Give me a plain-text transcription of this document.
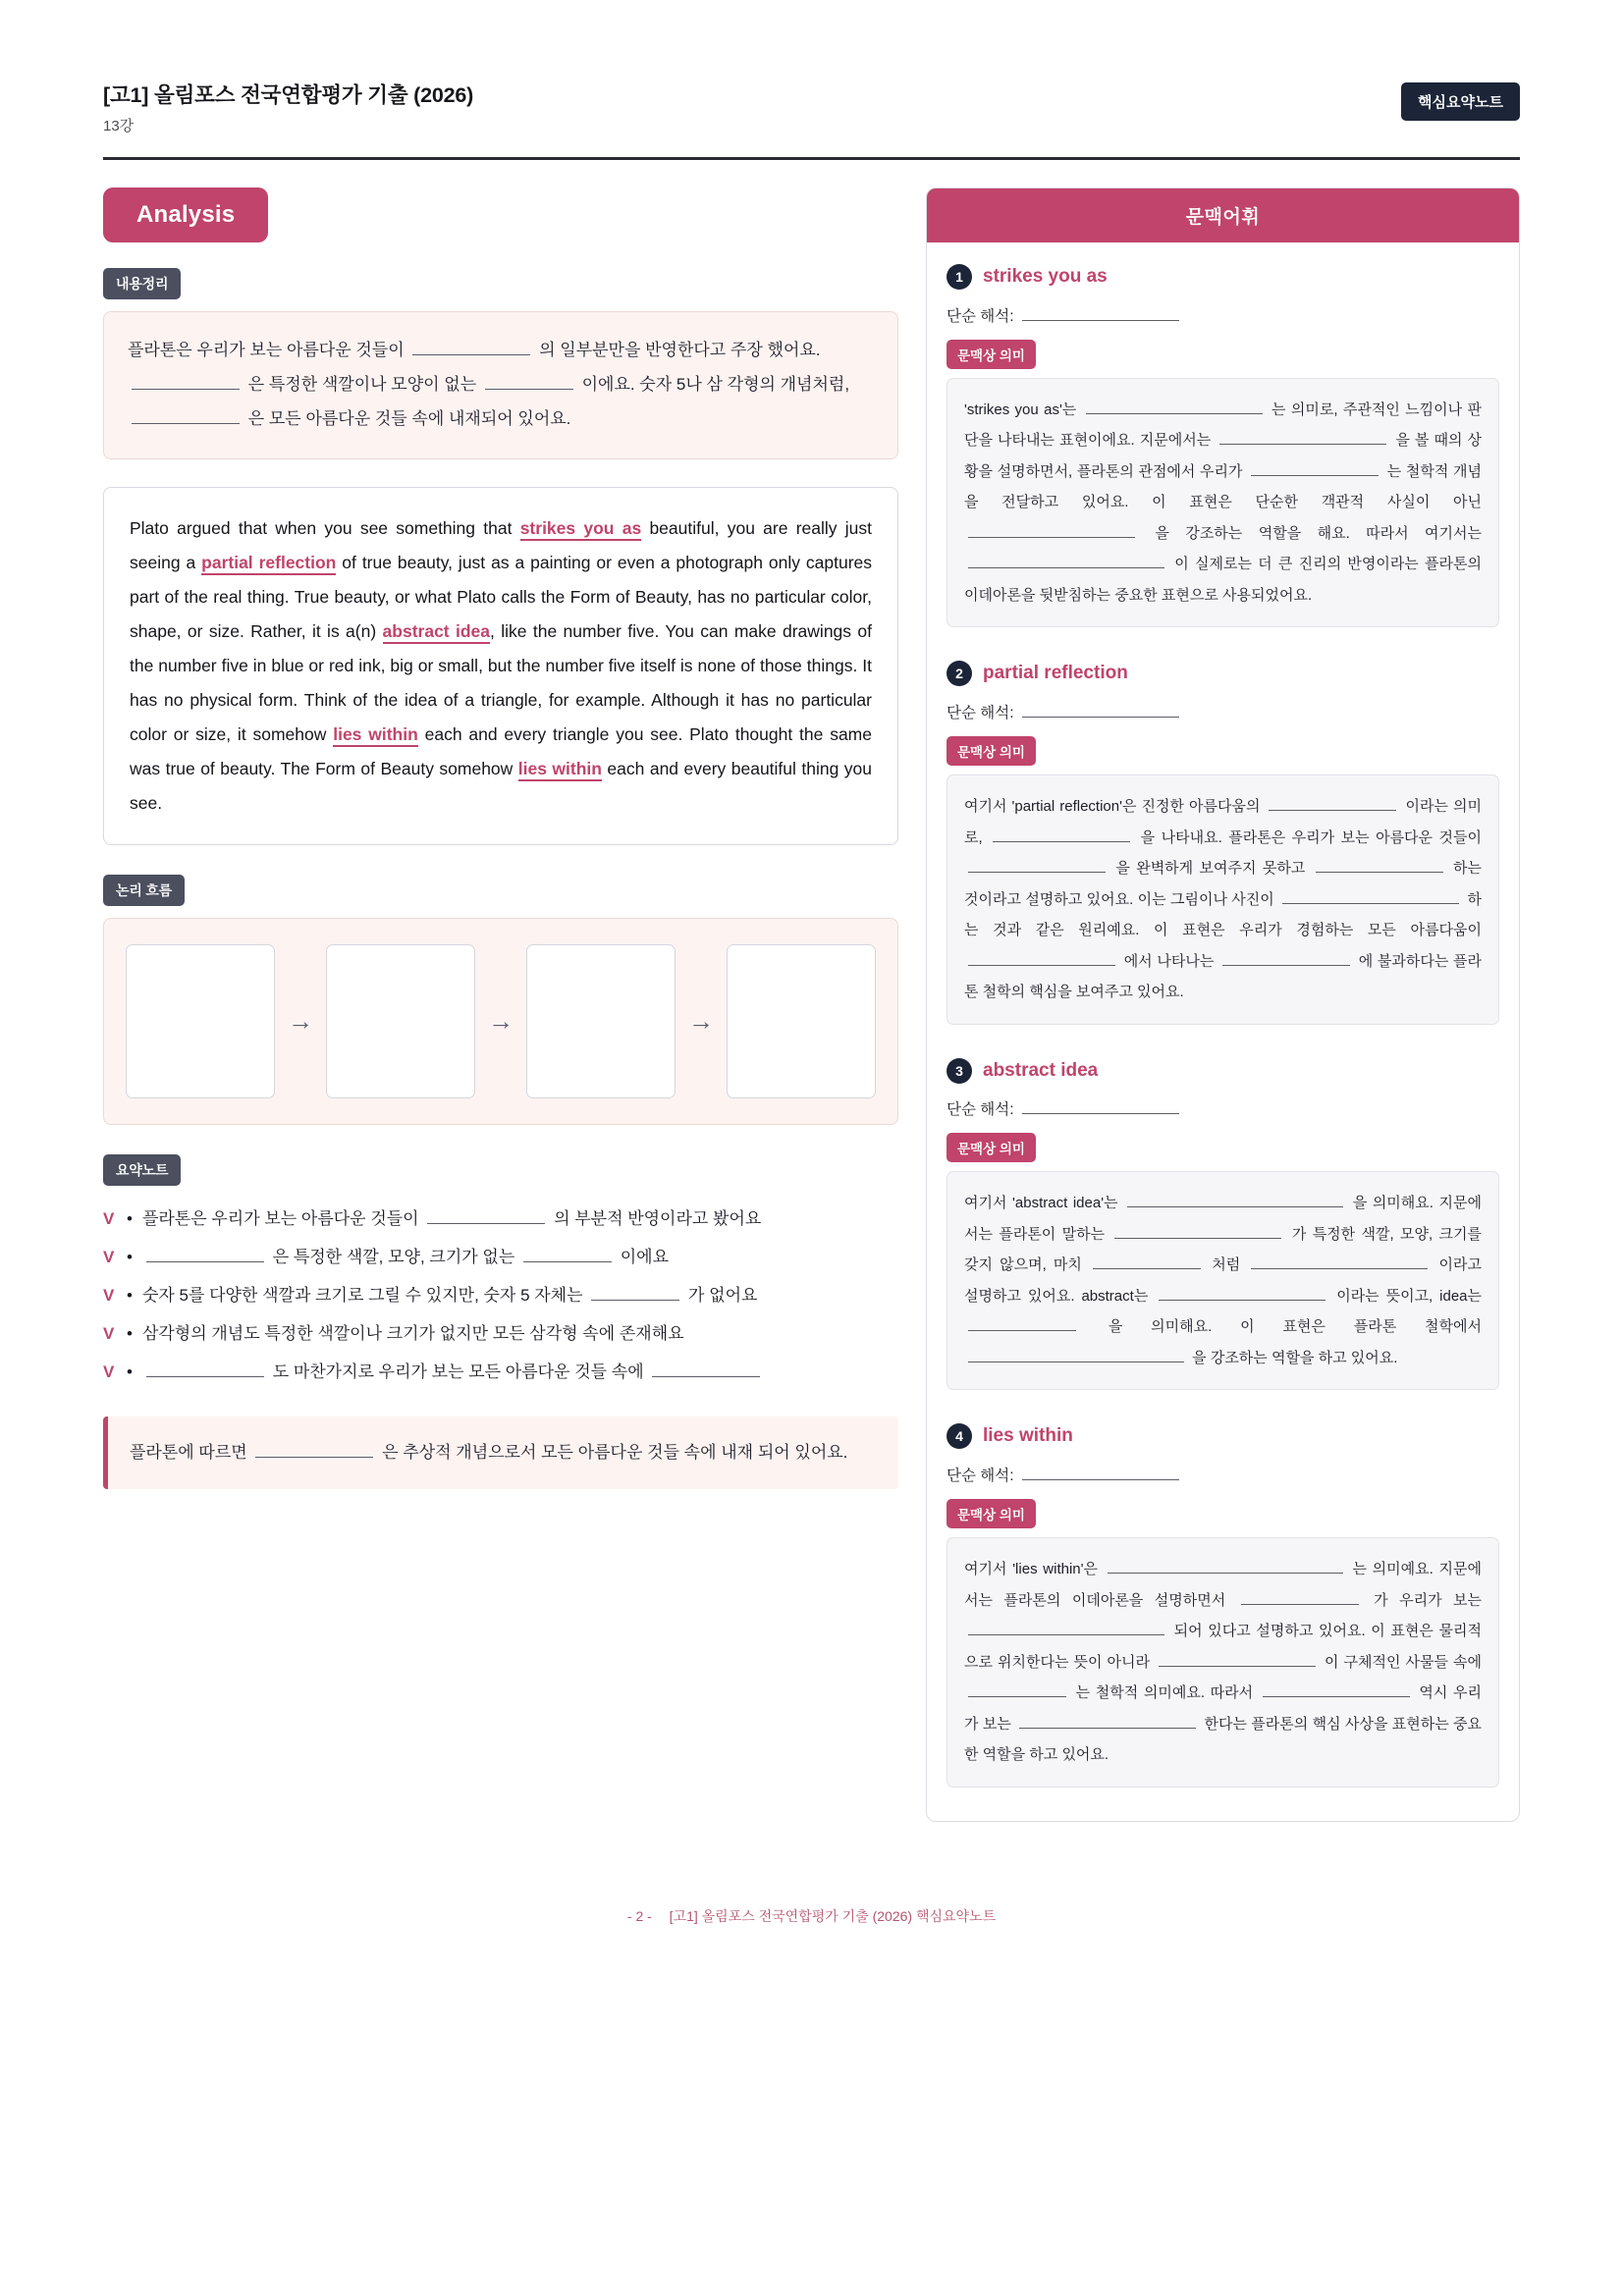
[고1] 올림포스 전국연합평가 기출 (2026)
13강
핵심요약노트
Analysis
내용정리
플라톤은 우리가 보는 아름다운 것들이	의 일부분만을 반영한다고 주장 했어요.  은 특정한 색깔이나 모양이 없는	이에요. 숫자 5나 삼 각형의 개념처럼,  은 모든 아름다운 것들 속에 내재되어 있어요.
Plato argued that when you see something that strikes you as beautiful, you are really just seeing a partial reflection of true beauty, just as a painting or even a photograph only captures part of the real thing. True beauty, or what Plato calls the Form of Beauty, has no particular color, shape, or size. Rather, it is a(n) abstract idea, like the number five. You can make drawings of the number five in blue or red ink, big or small, but the number five itself is none of those things. It has no physical form. Think of the idea of a triangle, for example. Although it has no particular color or size, it somehow lies within each and every triangle you see. Plato thought the same was true of beauty. The Form of Beauty somehow lies within each and every beautiful thing you see.
논리 흐름
→	→	→
요약노트
V • 플라톤은 우리가 보는 아름다운 것들이	의 부분적 반영이라고 봤어요
V •	은 특정한 색깔, 모양, 크기가 없는	이에요
V • 숫자 5를 다양한 색깔과 크기로 그릴 수 있지만, 숫자 5 자체는	가 없어요
V • 삼각형의 개념도 특정한 색깔이나 크기가 없지만 모든 삼각형 속에 존재해요
V •	도 마찬가지로 우리가 보는 모든 아름다운 것들 속에
플라톤에 따르면	은 추상적 개념으로서 모든 아름다운 것들 속에 내재 되어 있어요.
문맥어휘
1	strikes you as
단순 해석:
문맥상 의미
'strikes you as'는	는 의미로, 주관적인 느낌이나 판단을 나타내는 표현이에요. 지문에서는	을 볼 때의 상황을 설명하면서, 플라톤의 관점에서 우리가	는 철학적 개념을 전달하고 있어요. 이 표현은 단순한 객관적 사실이 아닌  을 강조하는 역할을 해요. 따라서 여기서는  이 실제로는 더 큰 진리의 반영이라는 플라톤의 이데아론을 뒷받침하는 중요한 표현으로 사용되었어요.
2	partial reflection
단순 해석:
문맥상 의미
여기서 'partial reflection'은 진정한 아름다움의	이라는 의미로,	을 나타내요. 플라톤은 우리가 보는 아름다운 것들이  을 완벽하게 보여주지 못하고	하는 것이라고 설명하고 있어요. 이는 그림이나 사진이	하는 것과 같은 원리예요. 이 표현은 우리가 경험하는 모든 아름다움이  에서 나타나는	에 불과하다는 플라톤 철학의 핵심을 보여주고 있어요.
3	abstract idea
단순 해석:
문맥상 의미
여기서 'abstract idea'는	을 의미해요. 지문에서는 플라톤이 말하는	가 특정한 색깔, 모양, 크기를 갖지 않으며, 마치	처럼	이라고 설명하고 있어요. abstract는	이라는 뜻이고, idea는  을 의미해요. 이 표현은 플라톤 철학에서  을 강조하는 역할을 하고 있어요.
4	lies within
단순 해석:
문맥상 의미
여기서 'lies within'은	는 의미예요. 지문에서는 플라톤의 이데아론을 설명하면서	가 우리가 보는  되어 있다고 설명하고 있어요. 이 표현은 물리적으로 위치한다는 뜻이 아니라	이 구체적인 사물들 속에  는 철학적 의미예요. 따라서	역시 우리가 보는	한다는 플라톤의 핵심 사상을 표현하는 중요한 역할을 하고 있어요.
- 2 - [고1] 올림포스 전국연합평가 기출 (2026) 핵심요약노트
